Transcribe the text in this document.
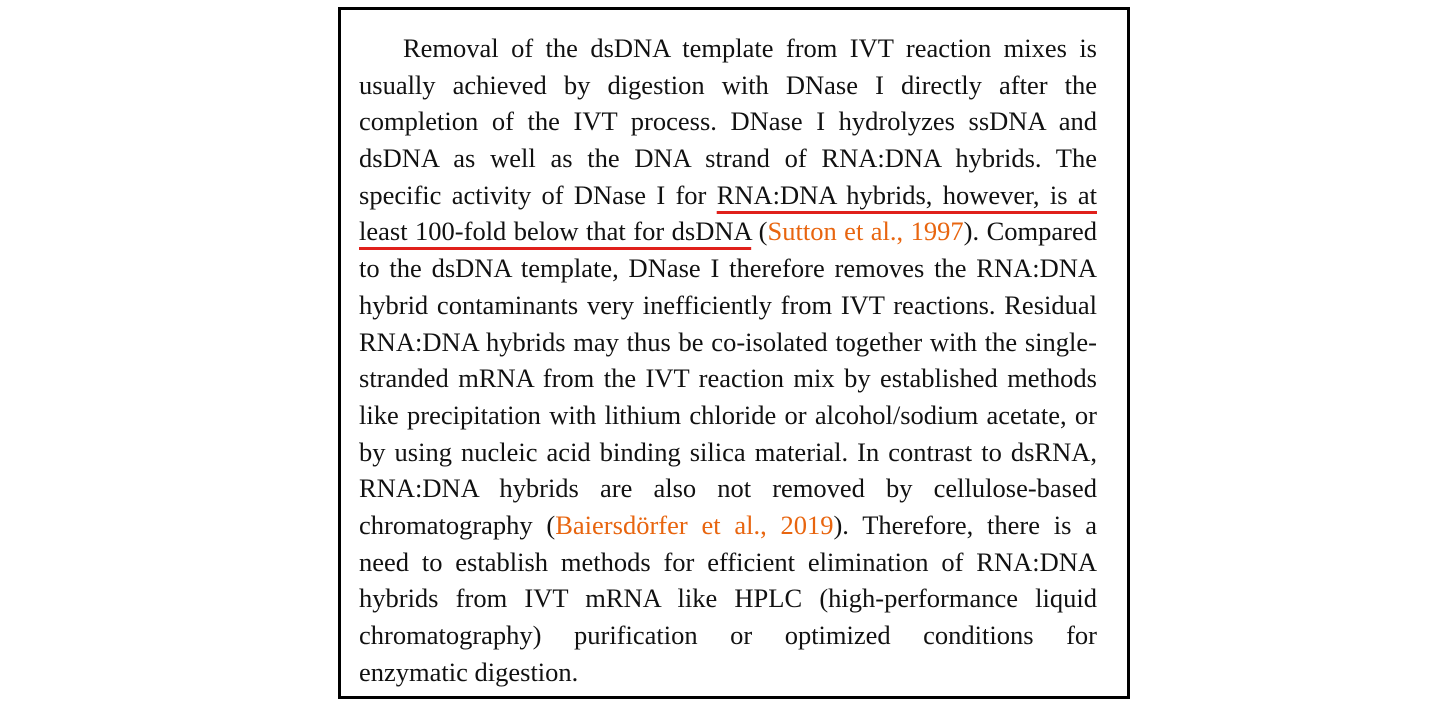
Removal of the dsDNA template from IVT reaction mixes is
usually achieved by digestion with DNase I directly after the
completion of the IVT process. DNase I hydrolyzes ssDNA and
dsDNA as well as the DNA strand of RNA:DNA hybrids. The
specific activity of DNase I for RNA:DNA hybrids, however, is at
least 100-fold below that for dsDNA (Sutton et al., 1997). Compared
to the dsDNA template, DNase I therefore removes the RNA:DNA
hybrid contaminants very inefficiently from IVT reactions. Residual
RNA:DNA hybrids may thus be co-isolated together with the single-
stranded mRNA from the IVT reaction mix by established methods
like precipitation with lithium chloride or alcohol/sodium acetate, or
by using nucleic acid binding silica material. In contrast to dsRNA,
RNA:DNA hybrids are also not removed by cellulose-based
chromatography (Baiersdörfer et al., 2019). Therefore, there is a
need to establish methods for efficient elimination of RNA:DNA
hybrids from IVT mRNA like HPLC (high-performance liquid
chromatography) purification or optimized conditions for
enzymatic digestion.
